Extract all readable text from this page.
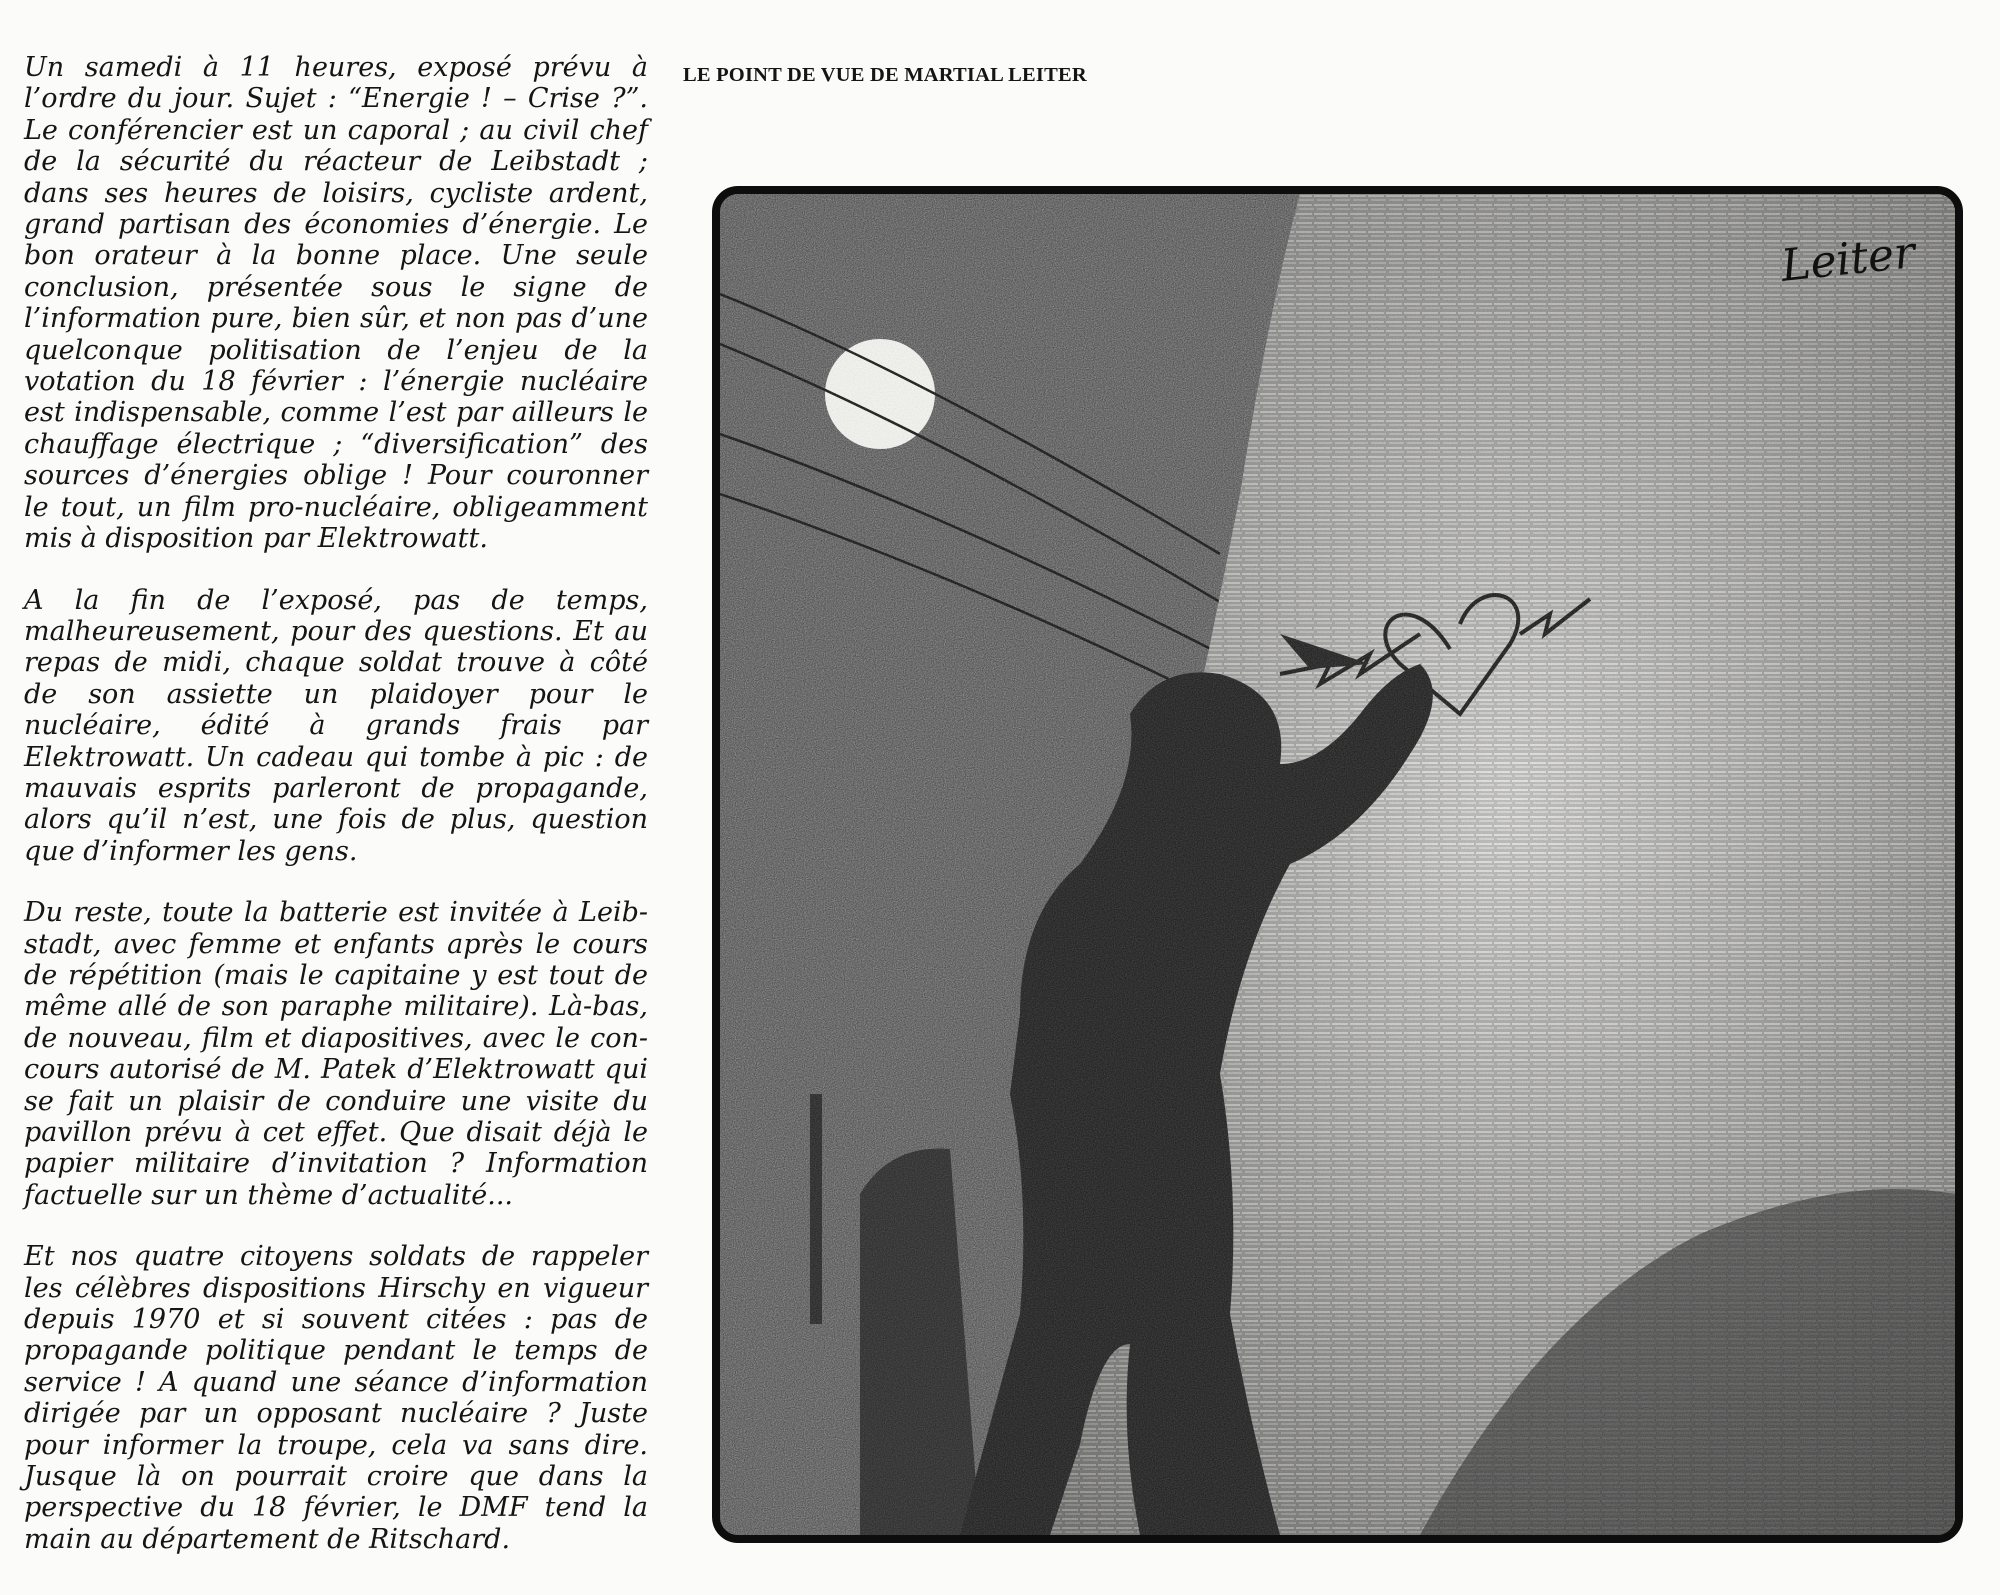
Un samedi à 11 heures, exposé prévu à l’ordre du jour. Sujet : “Energie ! – Crise ?”. Le conférencier est un caporal ; au civil chef de la sécurité du réacteur de Leibstadt ; dans ses heures de loisirs, cycliste ardent, grand partisan des économies d’énergie. Le bon orateur à la bonne place. Une seule conclusion, présentée sous le signe de l’information pure, bien sûr, et non pas d’une quelconque politisation de l’enjeu de la votation du 18 février : l’énergie nucléaire est indispensable, comme l’est par ailleurs le chauffage électrique ; “diversification” des sources d’énergies oblige ! Pour couronner le tout, un film pro-nucléaire, obligeamment mis à disposition par Elektrowatt.

A la fin de l’exposé, pas de temps, malheureusement, pour des questions. Et au repas de midi, chaque soldat trouve à côté de son assiette un plaidoyer pour le nucléaire, édité à grands frais par Elektrowatt. Un cadeau qui tombe à pic : de mauvais esprits parleront de propagande, alors qu’il n’est, une fois de plus, question que d’informer les gens.

Du reste, toute la batterie est invitée à Leibstadt, avec femme et enfants après le cours de répétition (mais le capitaine y est tout de même allé de son paraphe militaire). Là-bas, de nouveau, film et diapositives, avec le concours autorisé de M. Patek d’Elektrowatt qui se fait un plaisir de conduire une visite du pavillon prévu à cet effet. Que disait déjà le papier militaire d’invitation ? Information factuelle sur un thème d’actualité...

Et nos quatre citoyens soldats de rappeler les célèbres dispositions Hirschy en vigueur depuis 1970 et si souvent citées : pas de propagande politique pendant le temps de service ! A quand une séance d’information dirigée par un opposant nucléaire ? Juste pour informer la troupe, cela va sans dire. Jusque là on pourrait croire que dans la perspective du 18 février, le DMF tend la main au département de Ritschard.

LE POINT DE VUE DE MARTIAL LEITER
Leiter
